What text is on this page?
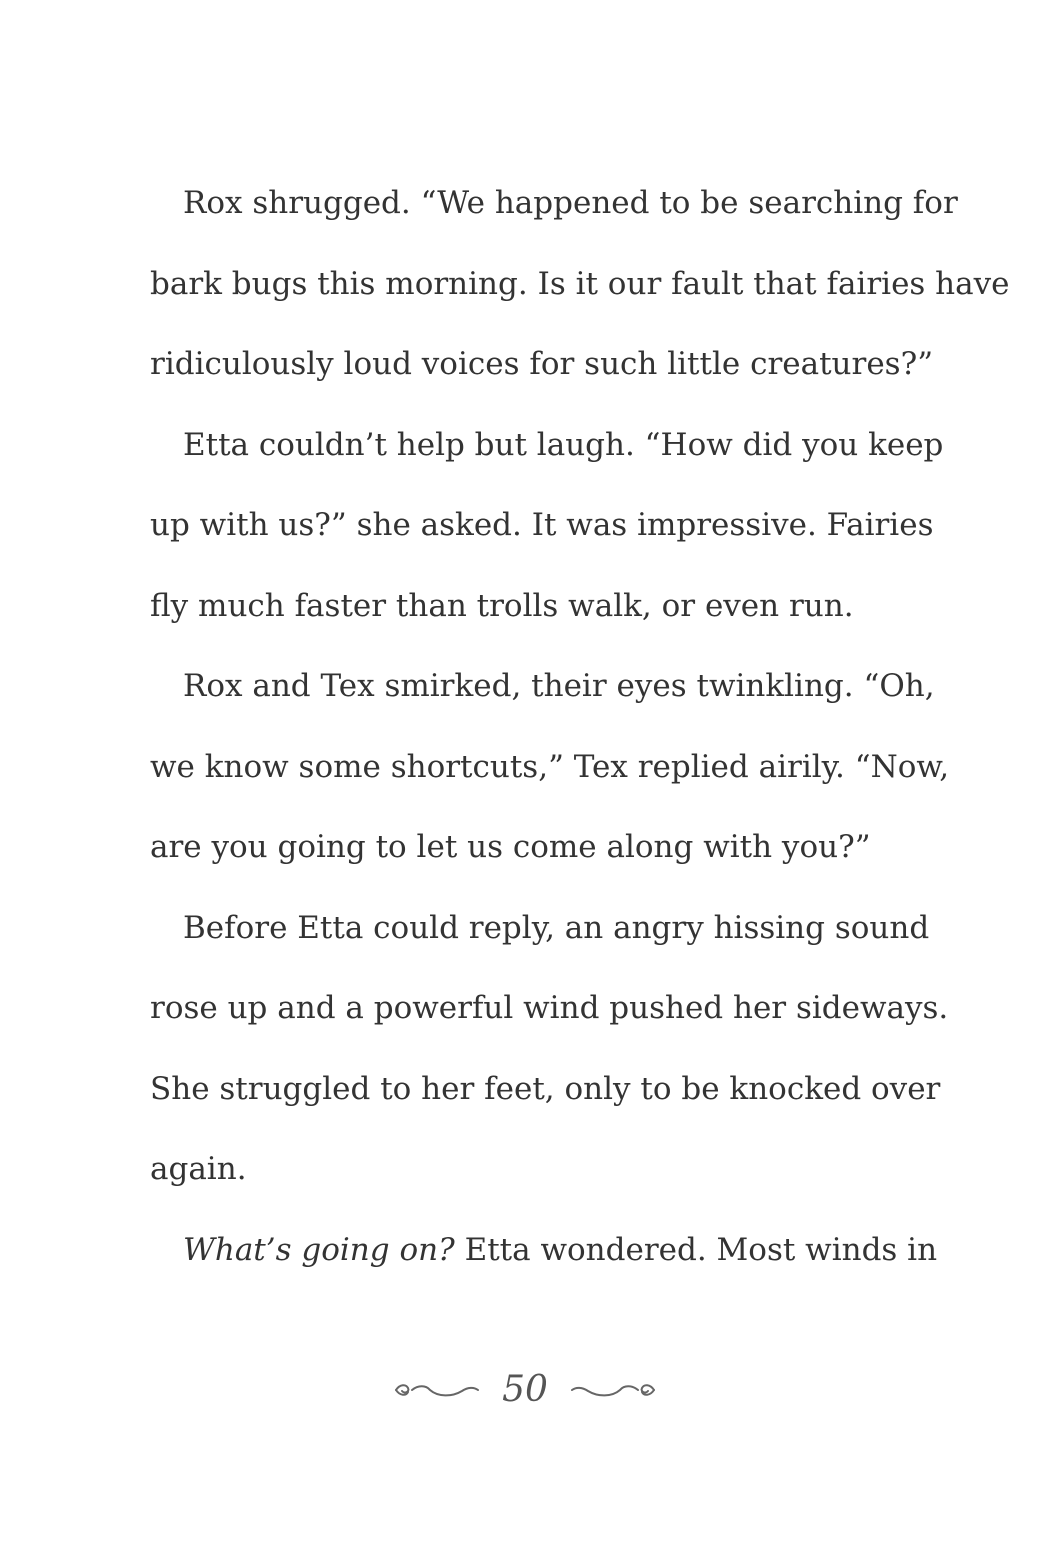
Rox shrugged. “We happened to be searching for
bark bugs this morning. Is it our fault that fairies have
ridiculously loud voices for such little creatures?”
Etta couldn’t help but laugh. “How did you keep
up with us?” she asked. It was impressive. Fairies
fly much faster than trolls walk, or even run.
Rox and Tex smirked, their eyes twinkling. “Oh,
we know some shortcuts,” Tex replied airily. “Now,
are you going to let us come along with you?”
Before Etta could reply, an angry hissing sound
rose up and a powerful wind pushed her sideways.
She struggled to her feet, only to be knocked over
again.
What’s going on? Etta wondered. Most winds in
50
